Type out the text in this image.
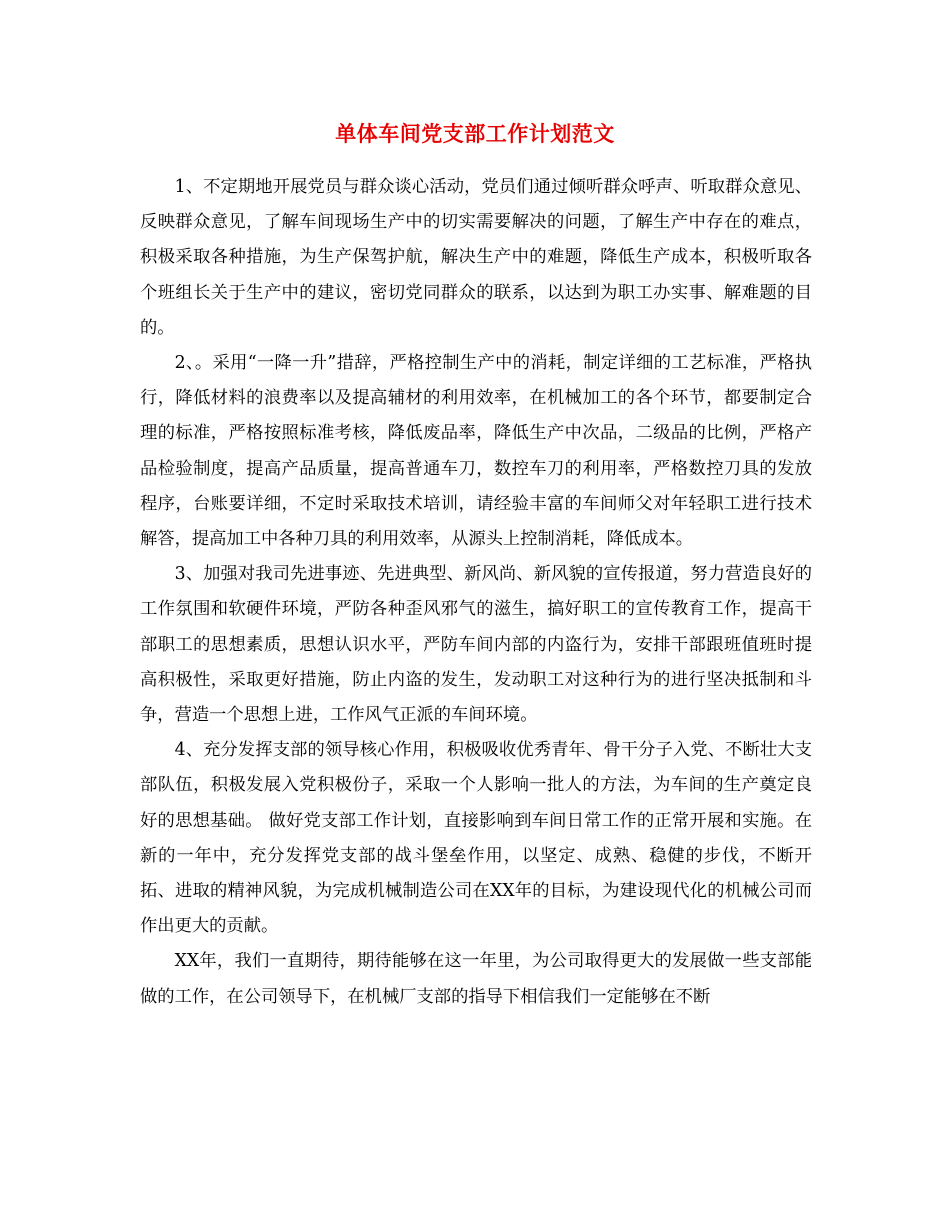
单体车间党支部工作计划范文

1、不定期地开展党员与群众谈心活动，党员们通过倾听群众呼声、听取群众意见、反映群众意见，了解车间现场生产中的切实需要解决的问题，了解生产中存在的难点，积极采取各种措施，为生产保驾护航，解决生产中的难题，降低生产成本，积极听取各个班组长关于生产中的建议，密切党同群众的联系，以达到为职工办实事、解难题的目的。

2、。采用“一降一升”措辞，严格控制生产中的消耗，制定详细的工艺标准，严格执行，降低材料的浪费率以及提高辅材的利用效率，在机械加工的各个环节，都要制定合理的标准，严格按照标准考核，降低废品率，降低生产中次品，二级品的比例，严格产品检验制度，提高产品质量，提高普通车刀，数控车刀的利用率，严格数控刀具的发放程序，台账要详细，不定时采取技术培训，请经验丰富的车间师父对年轻职工进行技术解答，提高加工中各种刀具的利用效率，从源头上控制消耗，降低成本。

3、加强对我司先进事迹、先进典型、新风尚、新风貌的宣传报道，努力营造良好的工作氛围和软硬件环境，严防各种歪风邪气的滋生，搞好职工的宣传教育工作，提高干部职工的思想素质，思想认识水平，严防车间内部的内盗行为，安排干部跟班值班时提高积极性，采取更好措施，防止内盗的发生，发动职工对这种行为的进行坚决抵制和斗争，营造一个思想上进，工作风气正派的车间环境。

4、充分发挥支部的领导核心作用，积极吸收优秀青年、骨干分子入党、不断壮大支部队伍，积极发展入党积极份子，采取一个人影响一批人的方法，为车间的生产奠定良好的思想基础。 做好党支部工作计划，直接影响到车间日常工作的正常开展和实施。在新的一年中，充分发挥党支部的战斗堡垒作用，以坚定、成熟、稳健的步伐，不断开拓、进取的精神风貌，为完成机械制造公司在XX年的目标，为建设现代化的机械公司而作出更大的贡献。

XX年，我们一直期待，期待能够在这一年里，为公司取得更大的发展做一些支部能做的工作，在公司领导下，在机械厂支部的指导下相信我们一定能够在不断
